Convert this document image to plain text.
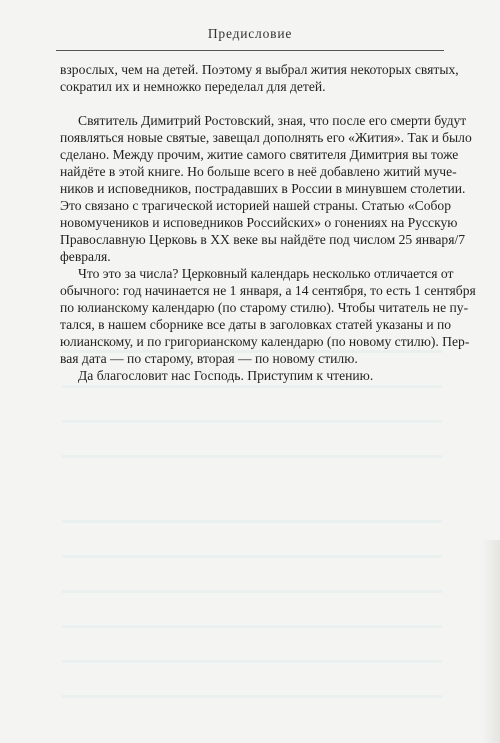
Предисловие

взрослых, чем на детей. Поэтому я выбрал жития некоторых святых,
сократил их и немножко переделал для детей.

Святитель Димитрий Ростовский, зная, что после его смерти будут
появляться новые святые, завещал дополнять его «Жития». Так и было
сделано. Между прочим, житие самого святителя Димитрия вы тоже
найдёте в этой книге. Но больше всего в неё добавлено житий муче-
ников и исповедников, пострадавших в России в минувшем столетии.
Это связано с трагической историей нашей страны. Статью «Собор
новомучеников и исповедников Российских» о гонениях на Русскую
Православную Церковь в XX веке вы найдёте под числом 25 января/7
февраля.

Что это за числа? Церковный календарь несколько отличается от
обычного: год начинается не 1 января, а 14 сентября, то есть 1 сентября
по юлианскому календарю (по старому стилю). Чтобы читатель не пу-
тался, в нашем сборнике все даты в заголовках статей указаны и по
юлианскому, и по григорианскому календарю (по новому стилю). Пер-
вая дата — по старому, вторая — по новому стилю.

Да благословит нас Господь. Приступим к чтению.
